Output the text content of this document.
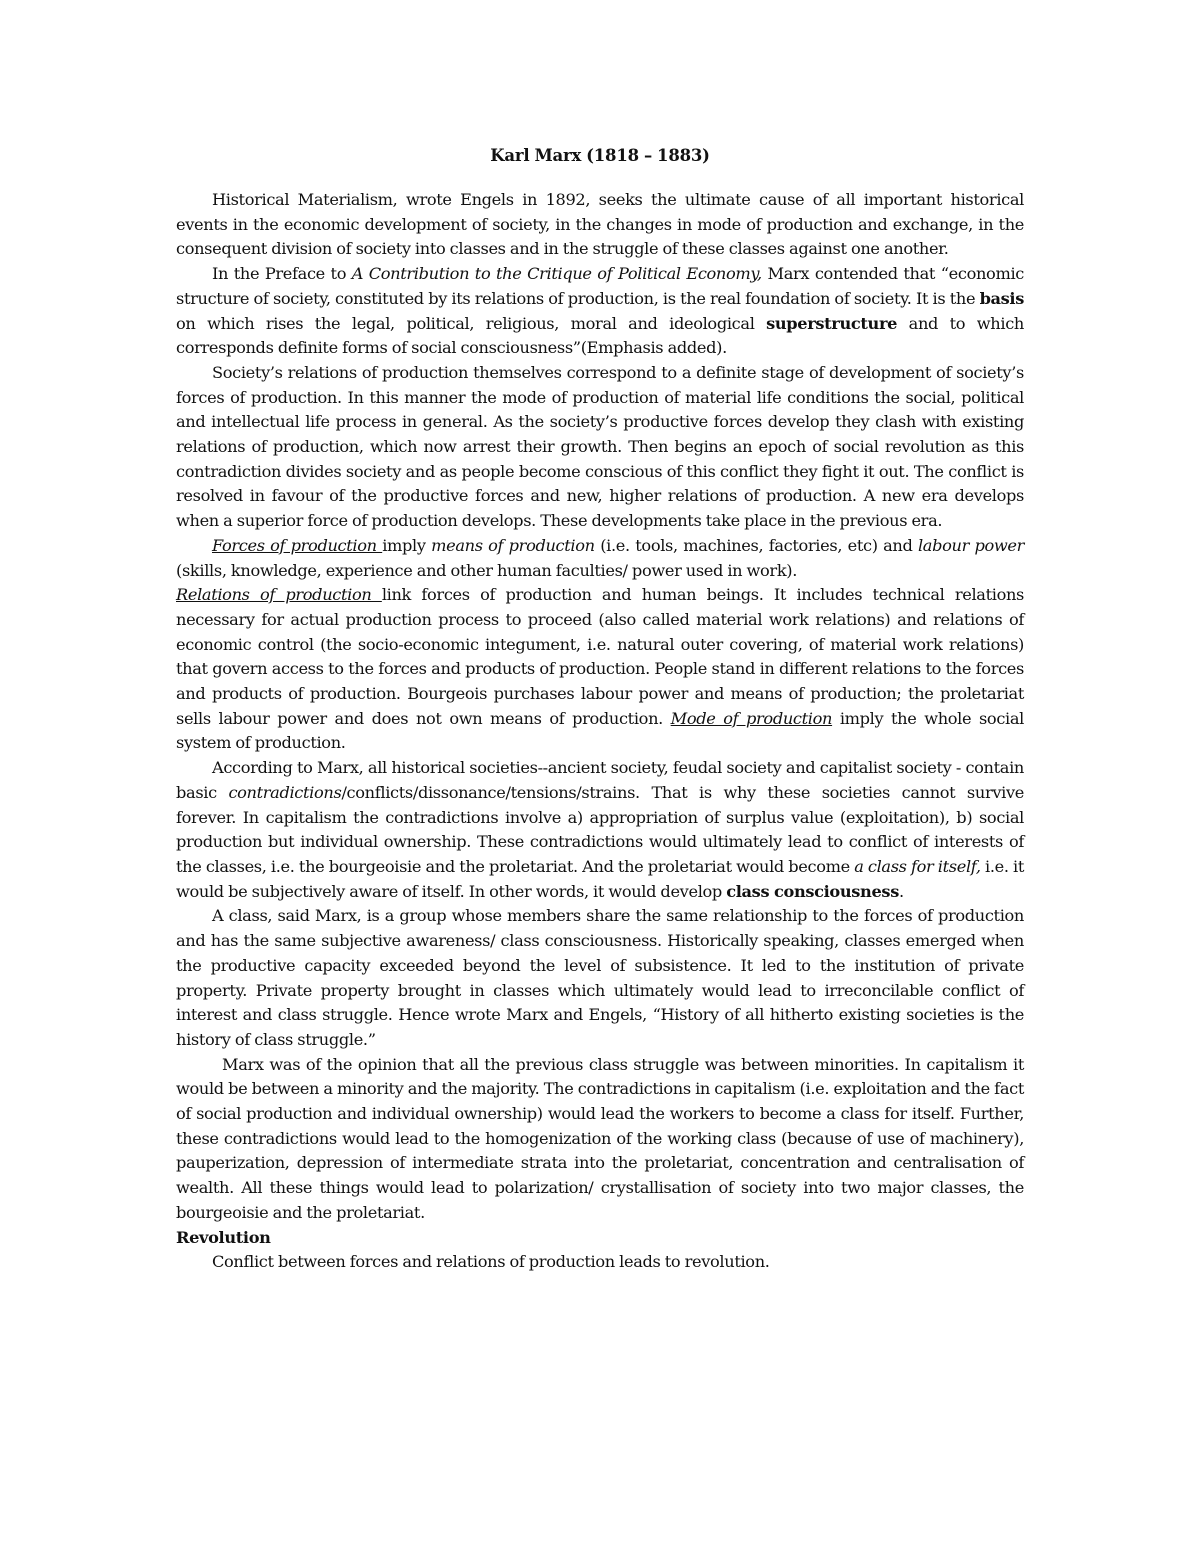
Karl Marx (1818 – 1883)

Historical Materialism, wrote Engels in 1892, seeks the ultimate cause of all important historical events in the economic development of society, in the changes in mode of production and exchange, in the consequent division of society into classes and in the struggle of these classes against one another.

In the Preface to A Contribution to the Critique of Political Economy, Marx contended that “economic structure of society, constituted by its relations of production, is the real foundation of society. It is the basis on which rises the legal, political, religious, moral and ideological superstructure and to which corresponds definite forms of social consciousness”(Emphasis added).

Society’s relations of production themselves correspond to a definite stage of development of society’s forces of production. In this manner the mode of production of material life conditions the social, political and intellectual life process in general. As the society’s productive forces develop they clash with existing relations of production, which now arrest their growth. Then begins an epoch of social revolution as this contradiction divides society and as people become conscious of this conflict they fight it out. The conflict is resolved in favour of the productive forces and new, higher relations of production. A new era develops when a superior force of production develops. These developments take place in the previous era.

Forces of production imply means of production (i.e. tools, machines, factories, etc) and labour power (skills, knowledge, experience and other human faculties/ power used in work).
Relations of production link forces of production and human beings. It includes technical relations necessary for actual production process to proceed (also called material work relations) and relations of economic control (the socio-economic integument, i.e. natural outer covering, of material work relations) that govern access to the forces and products of production. People stand in different relations to the forces and products of production. Bourgeois purchases labour power and means of production; the proletariat sells labour power and does not own means of production. Mode of production imply the whole social system of production.

According to Marx, all historical societies--ancient society, feudal society and capitalist society - contain basic contradictions/conflicts/dissonance/tensions/strains. That is why these societies cannot survive forever. In capitalism the contradictions involve a) appropriation of surplus value (exploitation), b) social production but individual ownership. These contradictions would ultimately lead to conflict of interests of the classes, i.e. the bourgeoisie and the proletariat. And the proletariat would become a class for itself, i.e. it would be subjectively aware of itself. In other words, it would develop class consciousness.

A class, said Marx, is a group whose members share the same relationship to the forces of production and has the same subjective awareness/ class consciousness. Historically speaking, classes emerged when the productive capacity exceeded beyond the level of subsistence. It led to the institution of private property. Private property brought in classes which ultimately would lead to irreconcilable conflict of interest and class struggle. Hence wrote Marx and Engels, “History of all hitherto existing societies is the history of class struggle.”

Marx was of the opinion that all the previous class struggle was between minorities. In capitalism it would be between a minority and the majority. The contradictions in capitalism (i.e. exploitation and the fact of social production and individual ownership) would lead the workers to become a class for itself. Further, these contradictions would lead to the homogenization of the working class (because of use of machinery), pauperization, depression of intermediate strata into the proletariat, concentration and centralisation of wealth. All these things would lead to polarization/ crystallisation of society into two major classes, the bourgeoisie and the proletariat.

Revolution

Conflict between forces and relations of production leads to revolution.
